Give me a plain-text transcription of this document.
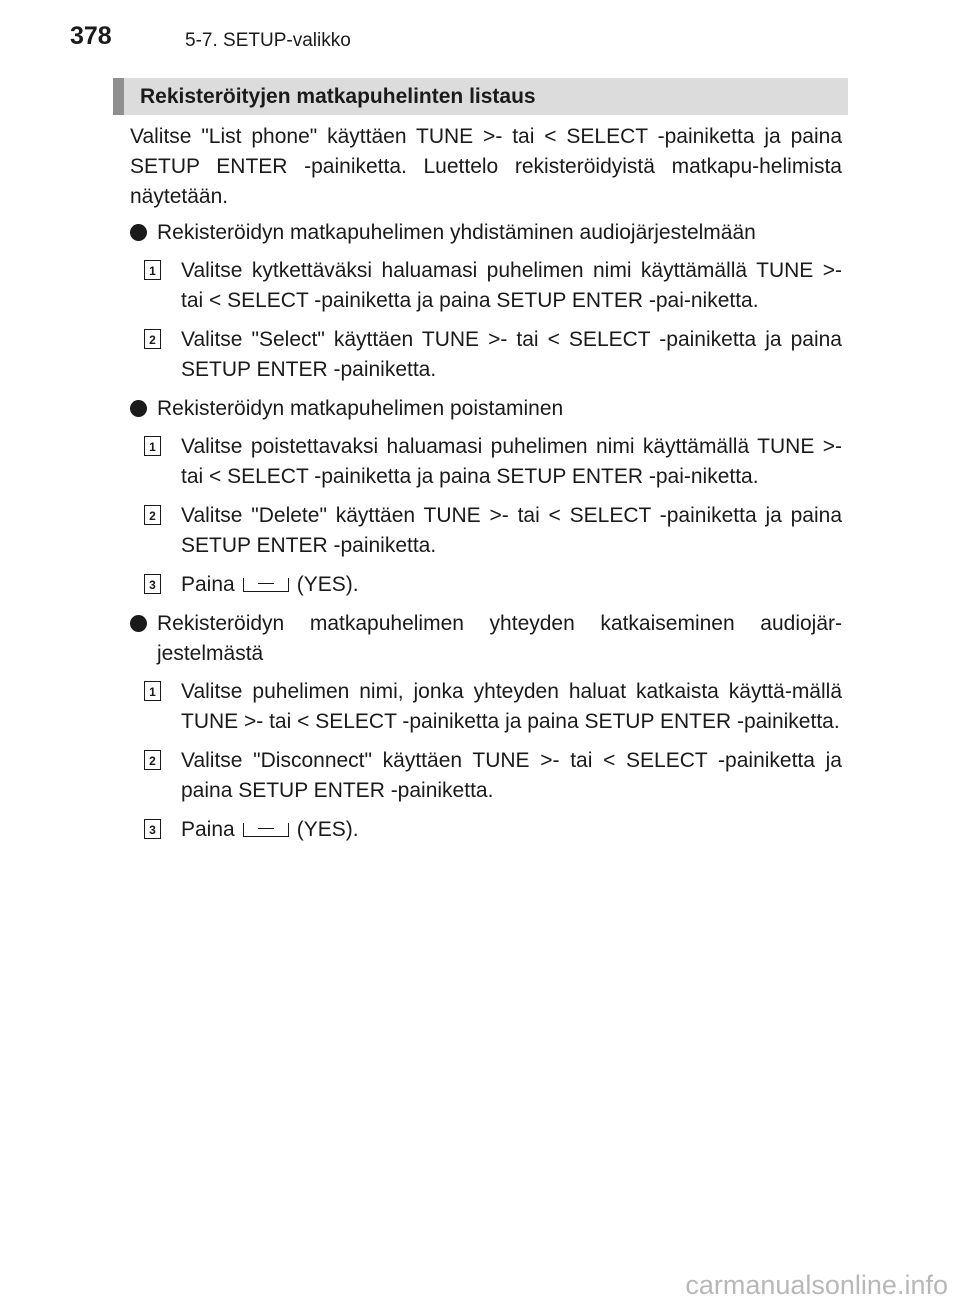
378	5-7. SETUP-valikko
Rekisteröityjen matkapuhelinten listaus

Valitse "List phone" käyttäen TUNE >- tai < SELECT -painiketta ja paina SETUP ENTER -painiketta. Luettelo rekisteröidyistä matkapu-helimista näytetään.

Rekisteröidyn matkapuhelimen yhdistäminen audiojärjestelmään
1 Valitse kytkettäväksi haluamasi puhelimen nimi käyttämällä TUNE >- tai < SELECT -painiketta ja paina SETUP ENTER -pai-niketta.
2 Valitse "Select" käyttäen TUNE >- tai < SELECT -painiketta ja paina SETUP ENTER -painiketta.
Rekisteröidyn matkapuhelimen poistaminen
1 Valitse poistettavaksi haluamasi puhelimen nimi käyttämällä TUNE >- tai < SELECT -painiketta ja paina SETUP ENTER -pai-niketta.
2 Valitse "Delete" käyttäen TUNE >- tai < SELECT -painiketta ja paina SETUP ENTER -painiketta.
3 Paina	(YES).
Rekisteröidyn matkapuhelimen yhteyden katkaiseminen audiojär-jestelmästä
1 Valitse puhelimen nimi, jonka yhteyden haluat katkaista käyttä-mällä TUNE >- tai < SELECT -painiketta ja paina SETUP ENTER -painiketta.
2 Valitse "Disconnect" käyttäen TUNE >- tai < SELECT -painiketta ja paina SETUP ENTER -painiketta.
3 Paina	(YES).
carmanualsonline.info
